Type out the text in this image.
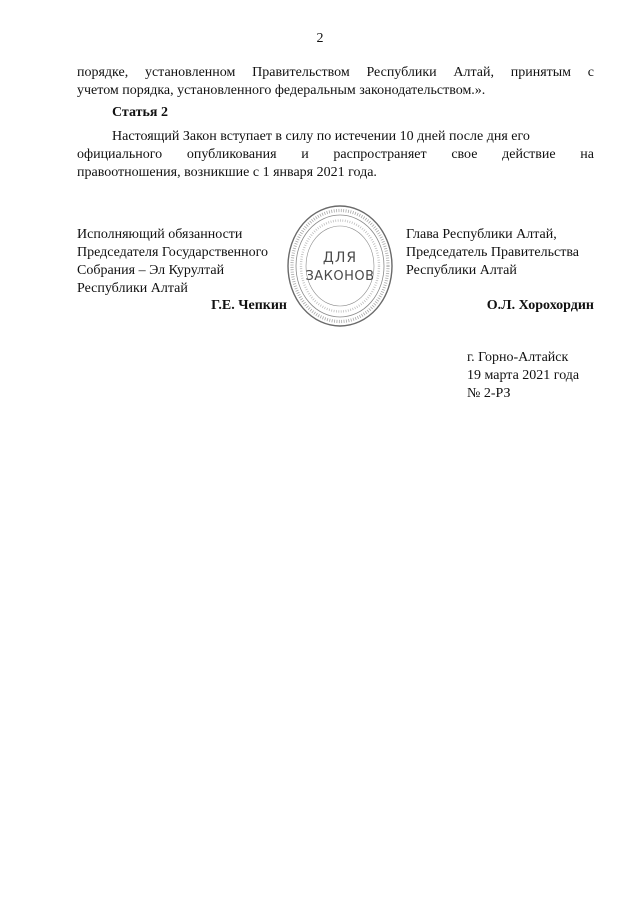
2
порядке, установленном Правительством Республики Алтай, принятым с
учетом порядка, установленного федеральным законодательством.».
Статья 2
Настоящий Закон вступает в силу по истечении 10 дней после дня его
официального опубликования и распространяет свое действие на
правоотношения, возникшие с 1 января 2021 года.
Исполняющий обязанности
Председателя Государственного
Собрания – Эл Курултай
Республики Алтай
Глава Республики Алтай,
Председатель Правительства
Республики Алтай
Г.Е. Чепкин	О.Л. Хорохордин
ДЛЯ
ЗАКОНОВ
г. Горно-Алтайск
19 марта 2021 года
№ 2-РЗ
